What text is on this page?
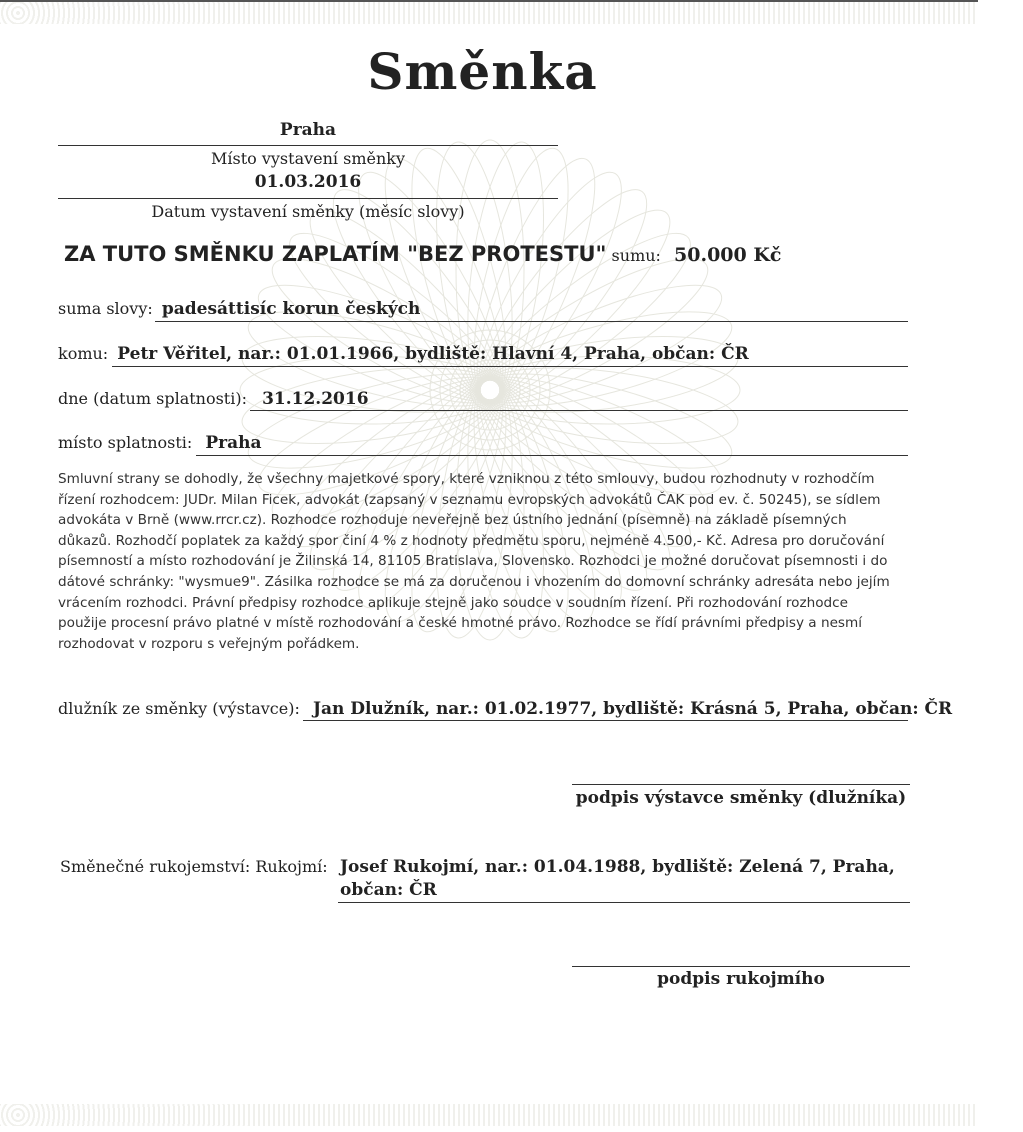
Směnka
Praha
Místo vystavení směnky
01.03.2016
Datum vystavení směnky (měsíc slovy)
ZA TUTO SMĚNKU ZAPLATÍM "BEZ PROTESTU" sumu: 50.000 Kč
suma slovy: padesáttisíc korun českých
komu: Petr Věřitel, nar.: 01.01.1966, bydliště: Hlavní 4, Praha, občan: ČR
dne (datum splatnosti): 31.12.2016
místo splatnosti: Praha
Smluvní strany se dohodly, že všechny majetkové spory, které vzniknou z této smlouvy, budou rozhodnuty v rozhodčím
řízení rozhodcem: JUDr. Milan Ficek, advokát (zapsaný v seznamu evropských advokátů ČAK pod ev. č. 50245), se sídlem
advokáta v Brně (www.rrcr.cz). Rozhodce rozhoduje neveřejně bez ústního jednání (písemně) na základě písemných
důkazů. Rozhodčí poplatek za každý spor činí 4 % z hodnoty předmětu sporu, nejméně 4.500,- Kč. Adresa pro doručování
písemností a místo rozhodování je Žilinská 14, 81105 Bratislava, Slovensko. Rozhodci je možné doručovat písemnosti i do
dátové schránky: "wysmue9". Zásilka rozhodce se má za doručenou i vhozením do domovní schránky adresáta nebo jejím
vrácením rozhodci. Právní předpisy rozhodce aplikuje stejně jako soudce v soudním řízení. Při rozhodování rozhodce
použije procesní právo platné v místě rozhodování a české hmotné právo. Rozhodce se řídí právními předpisy a nesmí
rozhodovat v rozporu s veřejným pořádkem.
dlužník ze směnky (výstavce): Jan Dlužník, nar.: 01.02.1977, bydliště: Krásná 5, Praha, občan: ČR
podpis výstavce směnky (dlužníka)
Směnečné rukojemství: Rukojmí: Josef Rukojmí, nar.: 01.04.1988, bydliště: Zelená 7, Praha,
občan: ČR
podpis rukojmího
